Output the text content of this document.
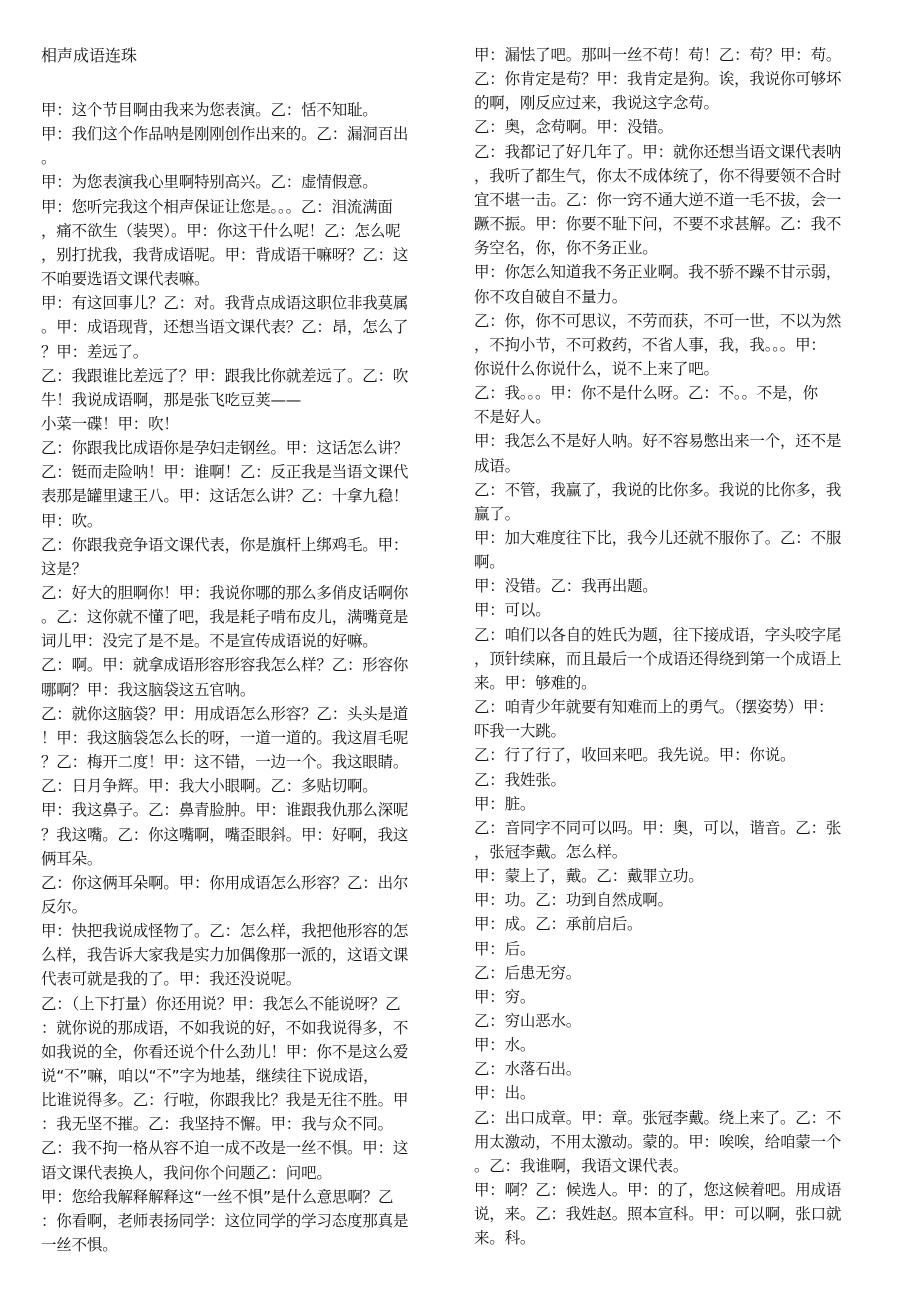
相声成语连珠
甲：这个节目啊由我来为您表演。乙：恬不知耻。
甲：我们这个作品呐是刚刚创作出来的。乙：漏洞百出
。
甲：为您表演我心里啊特别高兴。乙：虚情假意。
甲：您听完我这个相声保证让您是。。。乙：泪流满面
，痛不欲生（装哭）。甲：你这干什么呢！乙：怎么呢
，别打扰我，我背成语呢。甲：背成语干嘛呀？乙：这
不咱要选语文课代表嘛。
甲：有这回事儿？乙：对。我背点成语这职位非我莫属
。甲：成语现背，还想当语文课代表？乙：昂，怎么了
？甲：差远了。
乙：我跟谁比差远了？甲：跟我比你就差远了。乙：吹
牛！我说成语啊，那是张飞吃豆荚——
小菜一碟！甲：吹！
乙：你跟我比成语你是孕妇走钢丝。甲：这话怎么讲？
乙：铤而走险呐！甲：谁啊！乙：反正我是当语文课代
表那是罐里逮王八。甲：这话怎么讲？乙：十拿九稳！
甲：吹。
乙：你跟我竞争语文课代表，你是旗杆上绑鸡毛。甲：
这是？
乙：好大的胆啊你！甲：我说你哪的那么多俏皮话啊你
。乙：这你就不懂了吧，我是耗子啃布皮儿，满嘴竟是
词儿甲：没完了是不是。不是宣传成语说的好嘛。
乙：啊。甲：就拿成语形容形容我怎么样？乙：形容你
哪啊？甲：我这脑袋这五官呐。
乙：就你这脑袋？甲：用成语怎么形容？乙：头头是道
！甲：我这脑袋怎么长的呀，一道一道的。我这眉毛呢
？乙：梅开二度！甲：这不错，一边一个。我这眼睛。
乙：日月争辉。甲：我大小眼啊。乙：多贴切啊。
甲：我这鼻子。乙：鼻青脸肿。甲：谁跟我仇那么深呢
？我这嘴。乙：你这嘴啊，嘴歪眼斜。甲：好啊，我这
俩耳朵。
乙：你这俩耳朵啊。甲：你用成语怎么形容？乙：出尔
反尔。
甲：快把我说成怪物了。乙：怎么样，我把他形容的怎
么样，我告诉大家我是实力加偶像那一派的，这语文课
代表可就是我的了。甲：我还没说呢。
乙：（上下打量）你还用说？甲：我怎么不能说呀？乙
：就你说的那成语，不如我说的好，不如我说得多，不
如我说的全，你看还说个什么劲儿！甲：你不是这么爱
说“不”嘛，咱以“不”字为地基，继续往下说成语，
比谁说得多。乙：行啦，你跟我比？我是无往不胜。甲
：我无坚不摧。乙：我坚持不懈。甲：我与众不同。
乙：我不拘一格从容不迫一成不改是一丝不惧。甲：这
语文课代表换人，我问你个问题乙：问吧。
甲：您给我解释解释这“一丝不惧”是什么意思啊？乙
：你看啊，老师表扬同学：这位同学的学习态度那真是
一丝不惧。
甲：漏怯了吧。那叫一丝不苟！苟！乙：苟？甲：苟。
乙：你肯定是苟？甲：我肯定是狗。诶，我说你可够坏
的啊，刚反应过来，我说这字念苟。
乙：奥，念苟啊。甲：没错。
乙：我都记了好几年了。甲：就你还想当语文课代表呐
，我听了都生气，你太不成体统了，你不得要领不合时
宜不堪一击。乙：你一窍不通大逆不道一毛不拔，会一
蹶不振。甲：你要不耻下问，不要不求甚解。乙：我不
务空名，你，你不务正业。
甲：你怎么知道我不务正业啊。我不骄不躁不甘示弱，
你不攻自破自不量力。
乙：你，你不可思议，不劳而获，不可一世，不以为然
，不拘小节，不可救药，不省人事，我，我。。。甲：
你说什么你说什么，说不上来了吧。
乙：我。。。甲：你不是什么呀。乙：不。。不是，你
不是好人。
甲：我怎么不是好人呐。好不容易憋出来一个，还不是
成语。
乙：不管，我赢了，我说的比你多。我说的比你多，我
赢了。
甲：加大难度往下比，我今儿还就不服你了。乙：不服
啊。
甲：没错。乙：我再出题。
甲：可以。
乙：咱们以各自的姓氏为题，往下接成语，字头咬字尾
，顶针续麻，而且最后一个成语还得绕到第一个成语上
来。甲：够难的。
乙：咱青少年就要有知难而上的勇气。（摆姿势）甲：
吓我一大跳。
乙：行了行了，收回来吧。我先说。甲：你说。
乙：我姓张。
甲：脏。
乙：音同字不同可以吗。甲：奥，可以，谐音。乙：张
，张冠李戴。怎么样。
甲：蒙上了，戴。乙：戴罪立功。
甲：功。乙：功到自然成啊。
甲：成。乙：承前启后。
甲：后。
乙：后患无穷。
甲：穷。
乙：穷山恶水。
甲：水。
乙：水落石出。
甲：出。
乙：出口成章。甲：章。张冠李戴。绕上来了。乙：不
用太激动，不用太激动。蒙的。甲：唉唉，给咱蒙一个
。乙：我谁啊，我语文课代表。
甲：啊？乙：候选人。甲：的了，您这候着吧。用成语
说，来。乙：我姓赵。照本宣科。甲：可以啊，张口就
来。科。
